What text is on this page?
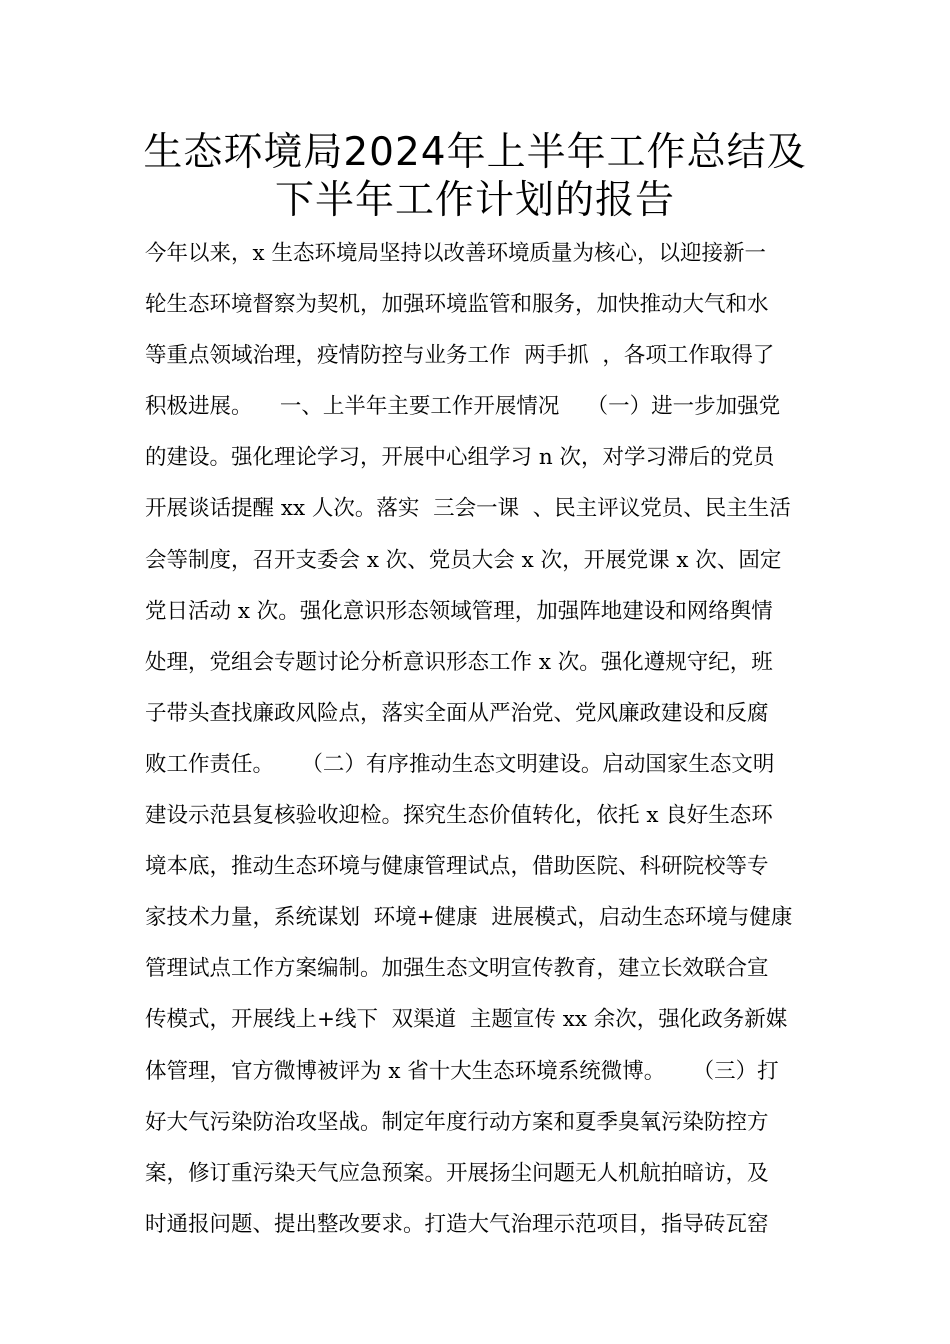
生态环境局2024年上半年工作总结及
下半年工作计划的报告
今年以来，x 生态环境局坚持以改善环境质量为核心，以迎接新一
轮生态环境督察为契机，加强环境监管和服务，加快推动大气和水
等重点领域治理，疫情防控与业务工作  两手抓  ，各项工作取得了
积极进展。    一、上半年主要工作开展情况    （一）进一步加强党
的建设。强化理论学习，开展中心组学习 n 次，对学习滞后的党员
开展谈话提醒 xx 人次。落实  三会一课  、民主评议党员、民主生活
会等制度，召开支委会 x 次、党员大会 x 次，开展党课 x 次、固定
党日活动 x 次。强化意识形态领域管理，加强阵地建设和网络舆情
处理，党组会专题讨论分析意识形态工作 x 次。强化遵规守纪，班
子带头查找廉政风险点，落实全面从严治党、党风廉政建设和反腐
败工作责任。    （二）有序推动生态文明建设。启动国家生态文明
建设示范县复核验收迎检。探究生态价值转化，依托 x 良好生态环
境本底，推动生态环境与健康管理试点，借助医院、科研院校等专
家技术力量，系统谋划  环境+健康  进展模式，启动生态环境与健康
管理试点工作方案编制。加强生态文明宣传教育，建立长效联合宣
传模式，开展线上+线下  双渠道  主题宣传 xx 余次，强化政务新媒
体管理，官方微博被评为 x 省十大生态环境系统微博。    （三）打
好大气污染防治攻坚战。制定年度行动方案和夏季臭氧污染防控方
案，修订重污染天气应急预案。开展扬尘问题无人机航拍暗访，及
时通报问题、提出整改要求。打造大气治理示范项目，指导砖瓦窑
